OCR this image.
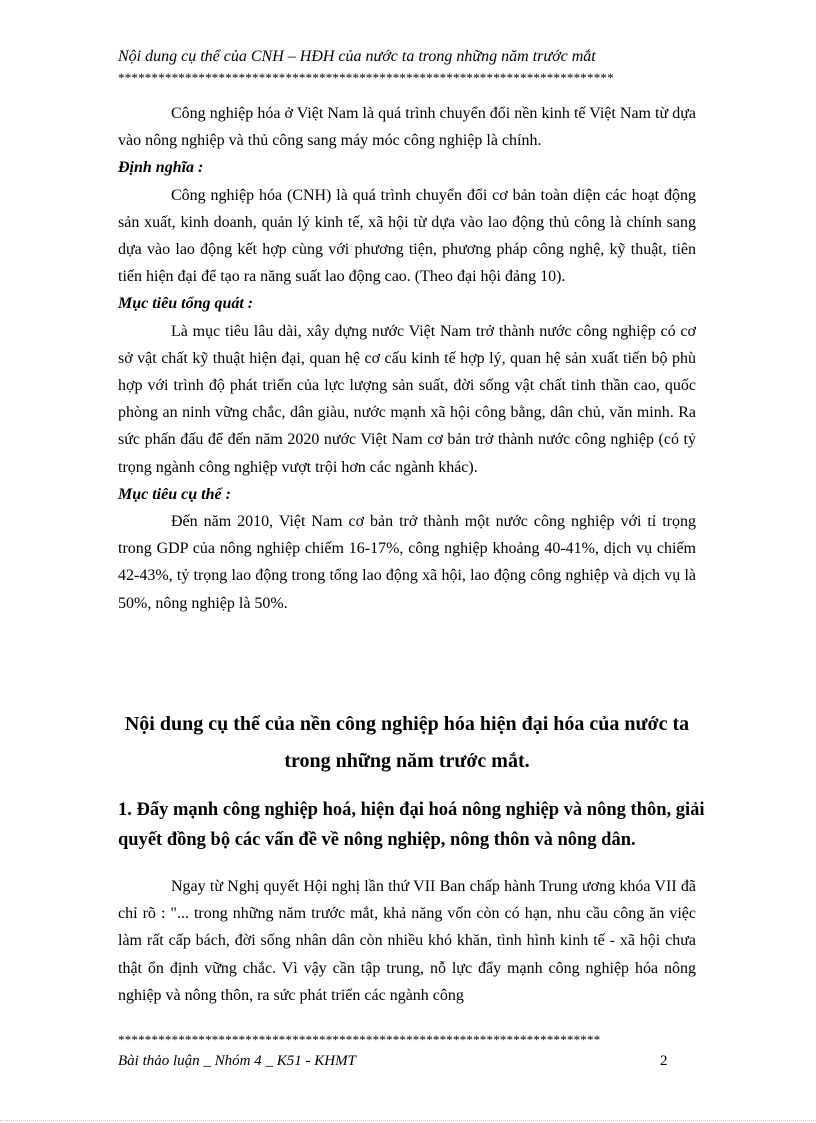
Nội dung cụ thể của CNH – HĐH của nước ta trong những năm trước mắt
**************************************************************************

Công nghiệp hóa ở Việt Nam là quá trình chuyển đổi nền kinh tế Việt Nam từ dựa vào nông nghiệp và thủ công sang máy móc công nghiệp là chính.

Định nghĩa :

Công nghiệp hóa (CNH) là quá trình chuyển đổi cơ bản toàn diện các hoạt động sản xuất, kinh doanh, quản lý kinh tế, xã hội từ dựa vào lao động thủ công là chính sang dựa vào lao động kết hợp cùng với phương tiện, phương pháp công nghệ, kỹ thuật, tiên tiến hiện đại để tạo ra năng suất lao động cao. (Theo đại hội đảng 10).

Mục tiêu tổng quát :

Là mục tiêu lâu dài, xây dựng nước Việt Nam trở thành nước công nghiệp có cơ sở vật chất kỹ thuật hiện đại, quan hệ cơ cấu kinh tế hợp lý, quan hệ sản xuất tiến bộ phù hợp với trình độ phát triển của lực lượng sản suất, đời sống vật chất tinh thần cao, quốc phòng an ninh vững chắc, dân giàu, nước mạnh xã hội công bằng, dân chủ, văn minh. Ra sức phấn đấu để đến năm 2020 nước Việt Nam cơ bản trở thành nước công nghiệp (có tỷ trọng ngành công nghiệp vượt trội hơn các ngành khác).

Mục tiêu cụ thể :

Đến năm 2010, Việt Nam cơ bản trở thành một nước công nghiệp với tỉ trọng trong GDP của nông nghiệp chiếm 16-17%, công nghiệp khoảng 40-41%, dịch vụ chiếm 42-43%, tỷ trọng lao động trong tổng lao động xã hội, lao động công nghiệp và dịch vụ là 50%, nông nghiệp là 50%.

Nội dung cụ thể của nền công nghiệp hóa hiện đại hóa của nước ta trong những năm trước mắt.
1. Đẩy mạnh công nghiệp hoá, hiện đại hoá nông nghiệp và nông thôn, giải quyết đồng bộ các vấn đề về nông nghiệp, nông thôn và nông dân.

Ngay từ Nghị quyết Hội nghị lần thứ VII Ban chấp hành Trung ương khóa VII đã chỉ rõ : "... trong những năm trước mắt, khả năng vốn còn có hạn, nhu cầu công ăn việc làm rất cấp bách, đời sống nhân dân còn nhiều khó khăn, tình hình kinh tế - xã hội chưa thật ổn định vững chắc. Vì vậy cần tập trung, nỗ lực đẩy mạnh công nghiệp hóa nông nghiệp và nông thôn, ra sức phát triển các ngành công

************************************************************************
Bài thảo luận _ Nhóm 4 _ K51 - KHMT	2
